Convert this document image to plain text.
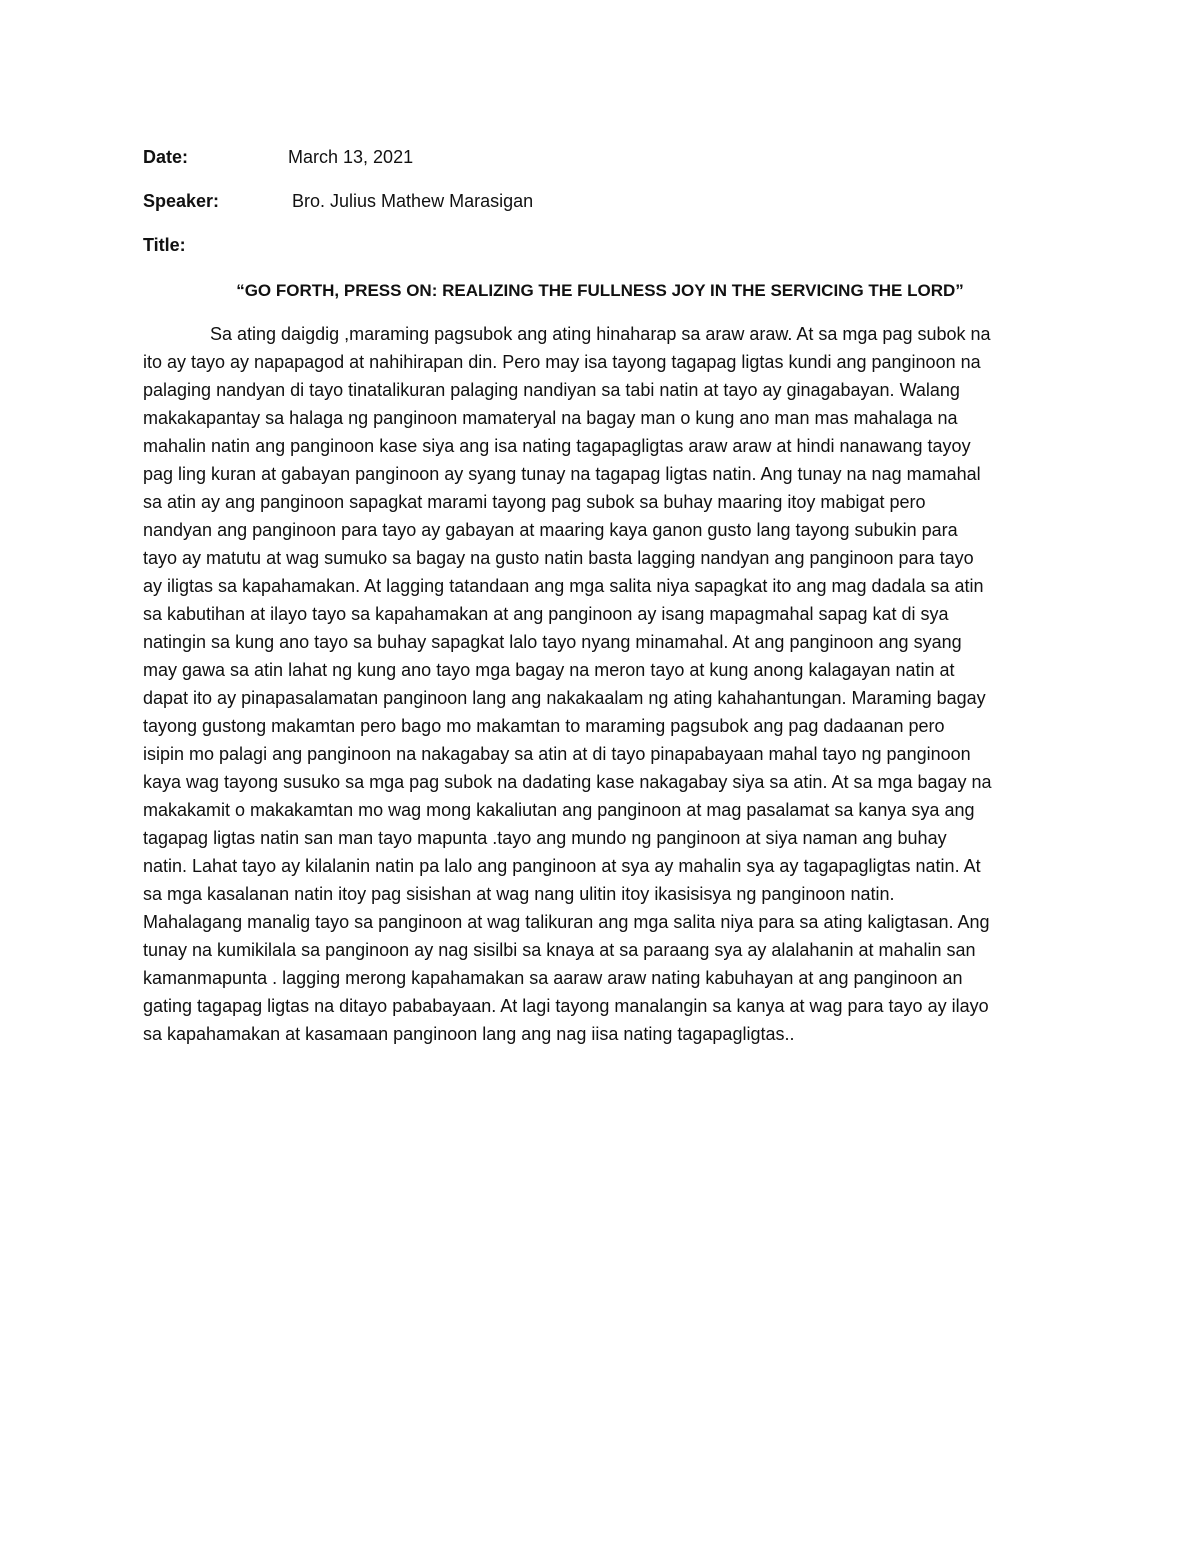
Date:	March 13, 2021
Speaker:	Bro. Julius Mathew Marasigan
Title:
“GO FORTH, PRESS ON: REALIZING THE FULLNESS JOY IN THE SERVICING THE LORD”
Sa ating daigdig ,maraming pagsubok ang ating hinaharap sa araw araw. At sa mga pag subok na
ito ay tayo ay napapagod at nahihirapan din. Pero may isa tayong tagapag ligtas kundi ang panginoon na
palaging nandyan di tayo tinatalikuran palaging nandiyan sa tabi natin at tayo ay ginagabayan. Walang
makakapantay sa halaga ng panginoon mamateryal na bagay man o kung ano man mas mahalaga na
mahalin natin ang panginoon kase siya ang isa nating tagapagligtas araw araw at hindi nanawang tayoy
pag ling kuran at gabayan panginoon ay syang tunay na tagapag ligtas natin. Ang tunay na nag mamahal
sa atin ay ang panginoon sapagkat marami tayong pag subok sa buhay maaring itoy mabigat pero
nandyan ang panginoon para tayo ay gabayan at maaring kaya ganon gusto lang tayong subukin para
tayo ay matutu at wag sumuko sa bagay na gusto natin basta lagging nandyan ang panginoon para tayo
ay iligtas sa kapahamakan. At lagging tatandaan ang mga salita niya sapagkat ito ang mag dadala sa atin
sa kabutihan at ilayo tayo sa kapahamakan at ang panginoon ay isang mapagmahal sapag kat di sya
natingin sa kung ano tayo sa buhay sapagkat lalo tayo nyang minamahal. At ang panginoon ang syang
may gawa sa atin lahat ng kung ano tayo mga bagay na meron tayo at kung anong kalagayan natin at
dapat ito ay pinapasalamatan panginoon lang ang nakakaalam ng ating kahahantungan. Maraming bagay
tayong gustong makamtan pero bago mo makamtan to maraming pagsubok ang pag dadaanan pero
isipin mo palagi ang panginoon na nakagabay sa atin at di tayo pinapabayaan mahal tayo ng panginoon
kaya wag tayong susuko sa mga pag subok na dadating kase nakagabay siya sa atin. At sa mga bagay na
makakamit o makakamtan mo wag mong kakaliutan ang panginoon at mag pasalamat sa kanya sya ang
tagapag ligtas natin san man tayo mapunta .tayo ang mundo ng panginoon at siya naman ang buhay
natin. Lahat tayo ay kilalanin natin pa lalo ang panginoon at sya ay mahalin sya ay tagapagligtas natin. At
sa mga kasalanan natin itoy pag sisishan at wag nang ulitin itoy ikasisisya ng panginoon natin.
Mahalagang manalig tayo sa panginoon at wag talikuran ang mga salita niya para sa ating kaligtasan. Ang
tunay na kumikilala sa panginoon ay nag sisilbi sa knaya at sa paraang sya ay alalahanin at mahalin san
kamanmapunta . lagging merong kapahamakan sa aaraw araw nating kabuhayan at ang panginoon an
gating tagapag ligtas na ditayo pababayaan. At lagi tayong manalangin sa kanya at wag para tayo ay ilayo
sa kapahamakan at kasamaan panginoon lang ang nag iisa nating tagapagligtas..
